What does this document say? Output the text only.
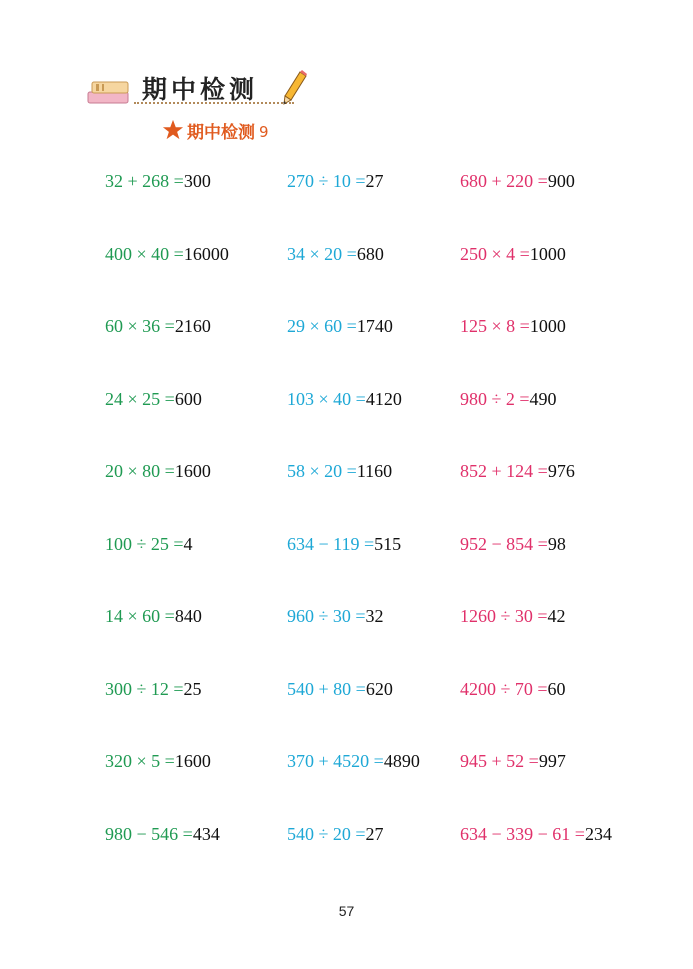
期中检测
期中检测 9
32 + 268 =300
400 × 40 =16000
60 × 36 =2160
24 × 25 =600
20 × 80 =1600
100 ÷ 25 =4
14 × 60 =840
300 ÷ 12 =25
320 × 5 =1600
980 − 546 =434
270 ÷ 10 =27
34 × 20 =680
29 × 60 =1740
103 × 40 =4120
58 × 20 =1160
634 − 119 =515
960 ÷ 30 =32
540 + 80 =620
370 + 4520 =4890
540 ÷ 20 =27
680 + 220 =900
250 × 4 =1000
125 × 8 =1000
980 ÷ 2 =490
852 + 124 =976
952 − 854 =98
1260 ÷ 30 =42
4200 ÷ 70 =60
945 + 52 =997
634 − 339 − 61 =234
57
